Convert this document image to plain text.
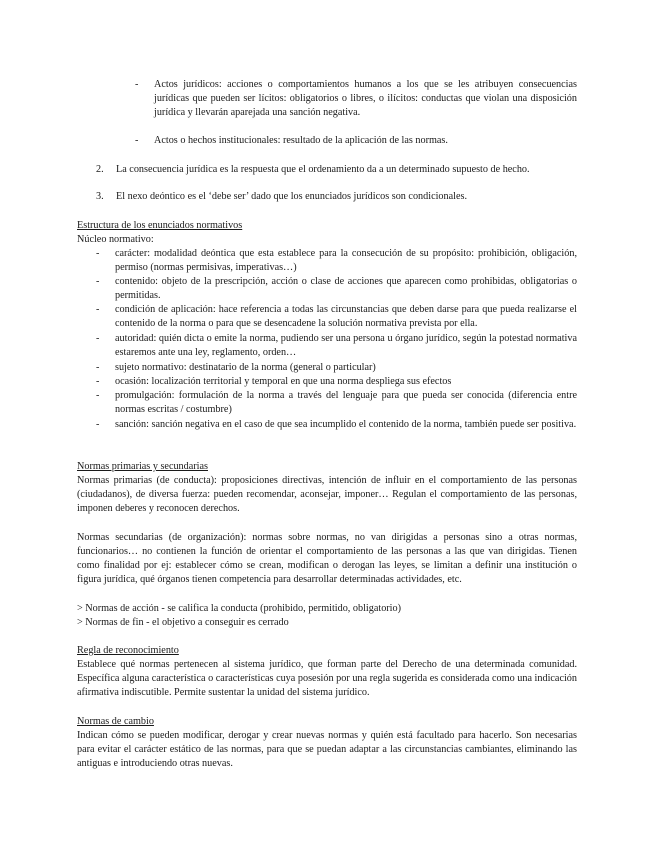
- Actos jurídicos: acciones o comportamientos humanos a los que se les atribuyen consecuencias jurídicas que pueden ser lícitos: obligatorios o libres, o ilícitos: conductas que violan una disposición jurídica y llevarán aparejada una sanción negativa.
- Actos o hechos institucionales: resultado de la aplicación de las normas.
2. La consecuencia jurídica es la respuesta que el ordenamiento da a un determinado supuesto de hecho.
3. El nexo deóntico es el ‘debe ser’ dado que los enunciados jurídicos son condicionales.

Estructura de los enunciados normativos

Núcleo normativo:

- carácter: modalidad deóntica que esta establece para la consecución de su propósito: prohibición, obligación, permiso (normas permisivas, imperativas…)
- contenido: objeto de la prescripción, acción o clase de acciones que aparecen como prohibidas, obligatorias o permitidas.
- condición de aplicación: hace referencia a todas las circunstancias que deben darse para que pueda realizarse el contenido de la norma o para que se desencadene la solución normativa prevista por ella.
- autoridad: quién dicta o emite la norma, pudiendo ser una persona u órgano jurídico, según la potestad normativa estaremos ante una ley, reglamento, orden…
- sujeto normativo: destinatario de la norma (general o particular)
- ocasión: localización territorial y temporal en que una norma despliega sus efectos
- promulgación: formulación de la norma a través del lenguaje para que pueda ser conocida (diferencia entre normas escritas / costumbre)
- sanción: sanción negativa en el caso de que sea incumplido el contenido de la norma, también puede ser positiva.

Normas primarias y secundarias

Normas primarias (de conducta): proposiciones directivas, intención de influir en el comportamiento de las personas (ciudadanos), de diversa fuerza: pueden recomendar, aconsejar, imponer… Regulan el comportamiento de las personas, imponen deberes y reconocen derechos.

Normas secundarias (de organización): normas sobre normas, no van dirigidas a personas sino a otras normas, funcionarios… no contienen la función de orientar el comportamiento de las personas a las que van dirigidas. Tienen como finalidad por ej: establecer cómo se crean, modifican o derogan las leyes, se limitan a definir una institución o figura jurídica, qué órganos tienen competencia para desarrollar determinadas actividades, etc.

> Normas de acción - se califica la conducta (prohibido, permitido, obligatorio)

> Normas de fin - el objetivo a conseguir es cerrado

Regla de reconocimiento

Establece qué normas pertenecen al sistema jurídico, que forman parte del Derecho de una determinada comunidad. Específica alguna característica o características cuya posesión por una regla sugerida es considerada como una indicación afirmativa indiscutible. Permite sustentar la unidad del sistema jurídico.

Normas de cambio

Indican cómo se pueden modificar, derogar y crear nuevas normas y quién está facultado para hacerlo. Son necesarias para evitar el carácter estático de las normas, para que se puedan adaptar a las circunstancias cambiantes, eliminando las antiguas e introduciendo otras nuevas.
